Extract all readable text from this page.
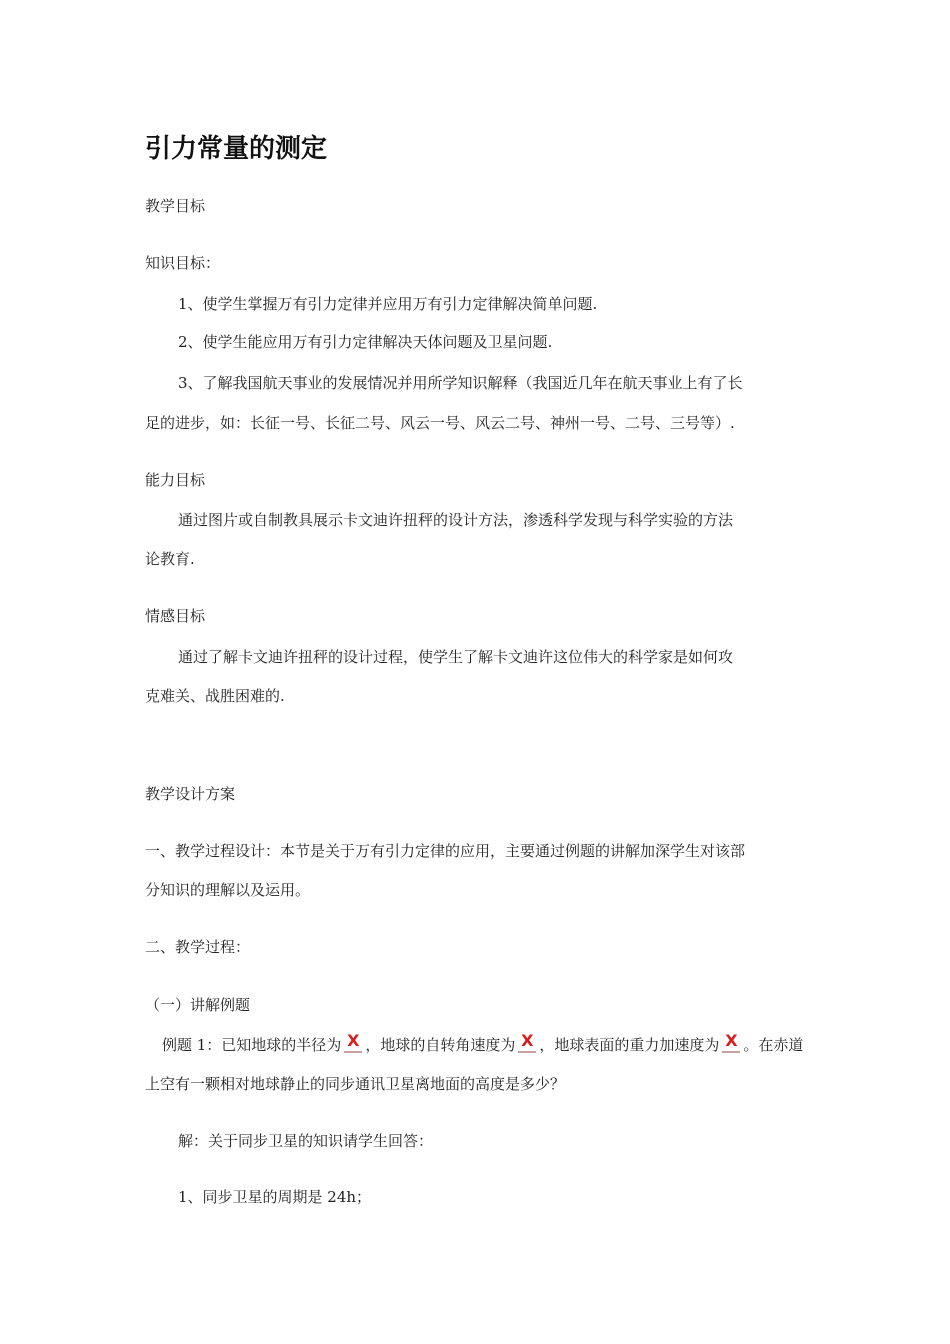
引力常量的测定
教学目标
知识目标：
1、使学生掌握万有引力定律并应用万有引力定律解决简单问题.
2、使学生能应用万有引力定律解决天体问题及卫星问题.
3、了解我国航天事业的发展情况并用所学知识解释（我国近几年在航天事业上有了长
足的进步，如：长征一号、长征二号、风云一号、风云二号、神州一号、二号、三号等）.
能力目标
通过图片或自制教具展示卡文迪许扭秤的设计方法，渗透科学发现与科学实验的方法
论教育.
情感目标
通过了解卡文迪许扭秤的设计过程，使学生了解卡文迪许这位伟大的科学家是如何攻
克难关、战胜困难的.
教学设计方案
一、教学过程设计：本节是关于万有引力定律的应用，主要通过例题的讲解加深学生对该部
分知识的理解以及运用。
二、教学过程：
（一）讲解例题
例题 1：已知地球的半径为 X ，地球的自转角速度为 X ，地球表面的重力加速度为 X 。在赤道
上空有一颗相对地球静止的同步通讯卫星离地面的高度是多少？
解：关于同步卫星的知识请学生回答：
1、同步卫星的周期是 24h；
